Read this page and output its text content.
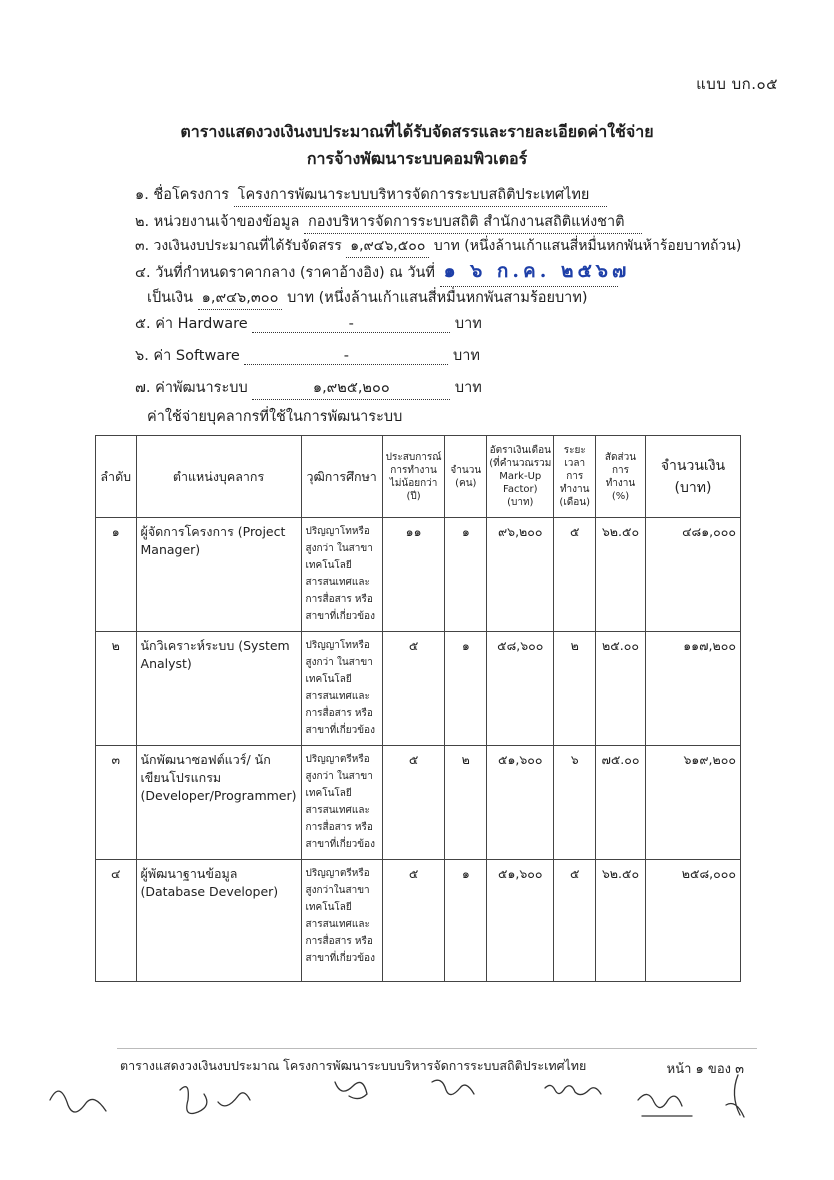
แบบ บก.๐๕
ตารางแสดงวงเงินงบประมาณที่ได้รับจัดสรรและรายละเอียดค่าใช้จ่าย
การจ้างพัฒนาระบบคอมพิวเตอร์
๑. ชื่อโครงการ โครงการพัฒนาระบบบริหารจัดการระบบสถิติประเทศไทย
๒. หน่วยงานเจ้าของข้อมูล กองบริหารจัดการระบบสถิติ สำนักงานสถิติแห่งชาติ
๓. วงเงินงบประมาณที่ได้รับจัดสรร ๑,๙๔๖,๕๐๐ บาท (หนึ่งล้านเก้าแสนสี่หมื่นหกพันห้าร้อยบาทถ้วน)
๔. วันที่กำหนดราคากลาง (ราคาอ้างอิง) ณ วันที่ ๑ ๖ ก.ค. ๒๕๖๗
เป็นเงิน ๑,๙๔๖,๓๐๐ บาท (หนึ่งล้านเก้าแสนสี่หมื่นหกพันสามร้อยบาท)
๕. ค่า Hardware	-	บาท
๖. ค่า Software	-	บาท
๗. ค่าพัฒนาระบบ	๑,๙๒๕,๒๐๐	บาท
ค่าใช้จ่ายบุคลากรที่ใช้ในการพัฒนาระบบ
ลำดับ	ตำแหน่งบุคลากร	วุฒิการศึกษา	ประสบการณ์การทำงานไม่น้อยกว่า (ปี)	จำนวน (คน)	อัตราเงินเดือน (ที่คำนวณรวม Mark-Up Factor) (บาท)	ระยะเวลาการทำงาน (เดือน)	สัดส่วนการทำงาน (%)	จำนวนเงิน (บาท)
๑	ผู้จัดการโครงการ (Project Manager)	ปริญญาโทหรือสูงกว่า ในสาขาเทคโนโลยีสารสนเทศและการสื่อสาร หรือสาขาที่เกี่ยวข้อง	๑๑	๑	๙๖,๒๐๐	๕	๖๒.๕๐	๔๘๑,๐๐๐
๒	นักวิเคราะห์ระบบ (System Analyst)	ปริญญาโทหรือสูงกว่า ในสาขาเทคโนโลยีสารสนเทศและการสื่อสาร หรือสาขาที่เกี่ยวข้อง	๕	๑	๕๘,๖๐๐	๒	๒๕.๐๐	๑๑๗,๒๐๐
๓	นักพัฒนาซอฟต์แวร์/ นักเขียนโปรแกรม (Developer/Programmer)	ปริญญาตรีหรือสูงกว่า ในสาขาเทคโนโลยีสารสนเทศและการสื่อสาร หรือสาขาที่เกี่ยวข้อง	๕	๒	๕๑,๖๐๐	๖	๗๕.๐๐	๖๑๙,๒๐๐
๔	ผู้พัฒนาฐานข้อมูล (Database Developer)	ปริญญาตรีหรือสูงกว่าในสาขาเทคโนโลยีสารสนเทศและการสื่อสาร หรือสาขาที่เกี่ยวข้อง	๕	๑	๕๑,๖๐๐	๕	๖๒.๕๐	๒๕๘,๐๐๐
ตารางแสดงวงเงินงบประมาณ โครงการพัฒนาระบบบริหารจัดการระบบสถิติประเทศไทย	หน้า ๑ ของ ๓
